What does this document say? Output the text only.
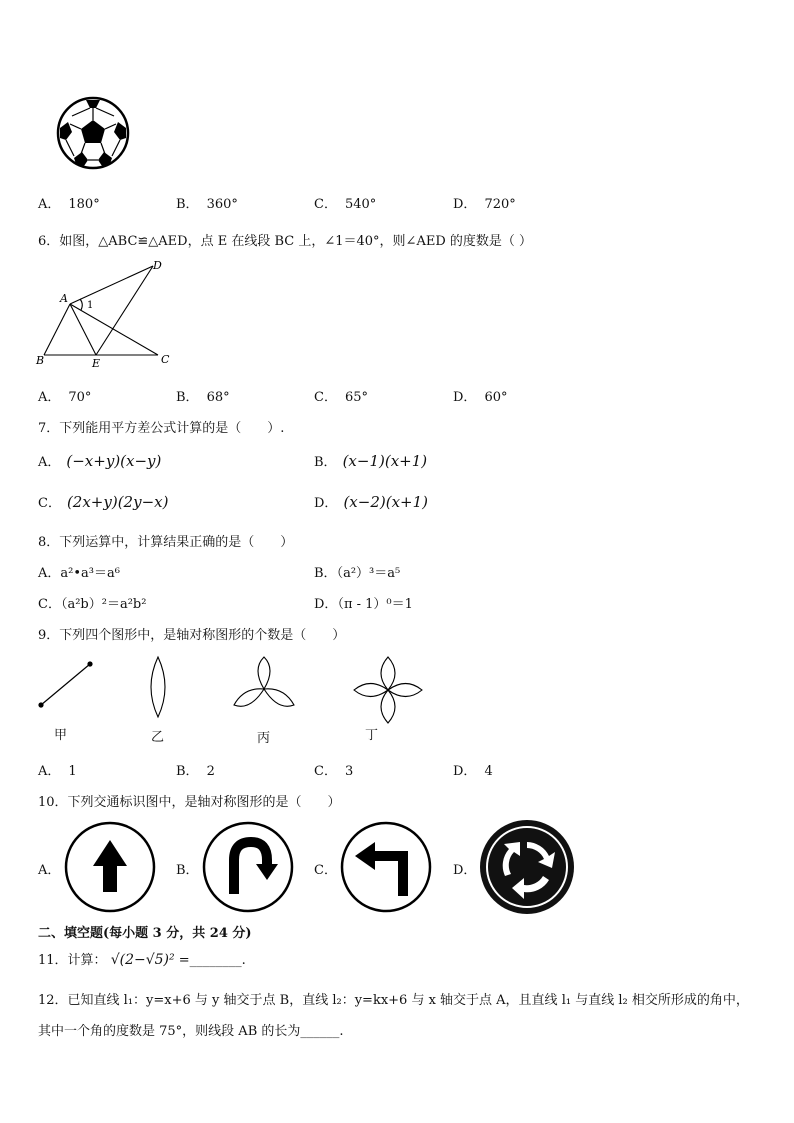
A． 180°	B． 360°	C． 540°	D． 720°
6．如图，△ABC≌△AED，点 E 在线段 BC 上，∠1＝40°，则∠AED 的度数是（ ）
A
B	C
D
E
1
A． 70°	B． 68°	C． 65°	D． 60°
7．下列能用平方差公式计算的是（　　）.
A． (−x+y)(x−y)	B． (x−1)(x+1)
C． (2x+y)(2y−x)	D． (x−2)(x+1)
8．下列运算中，计算结果正确的是（　　）
A．a²•a³＝a⁶	B．（a²）³＝a⁵
C．（a²b）²＝a²b²	D．（π - 1）⁰＝1
9．下列四个图形中，是轴对称图形的个数是（　　）
甲	乙	丙	丁
A． 1	B． 2	C． 3	D． 4
10．下列交通标识图中，是轴对称图形的是（　　）
A．	B．	C．	D．
二、填空题(每小题 3 分，共 24 分)
11．计算： √(2−√5)² =________.
12．已知直线 l₁：y=x+6 与 y 轴交于点 B，直线 l₂：y=kx+6 与 x 轴交于点 A，且直线 l₁ 与直线 l₂ 相交所形成的角中，
其中一个角的度数是 75°，则线段 AB 的长为______.
